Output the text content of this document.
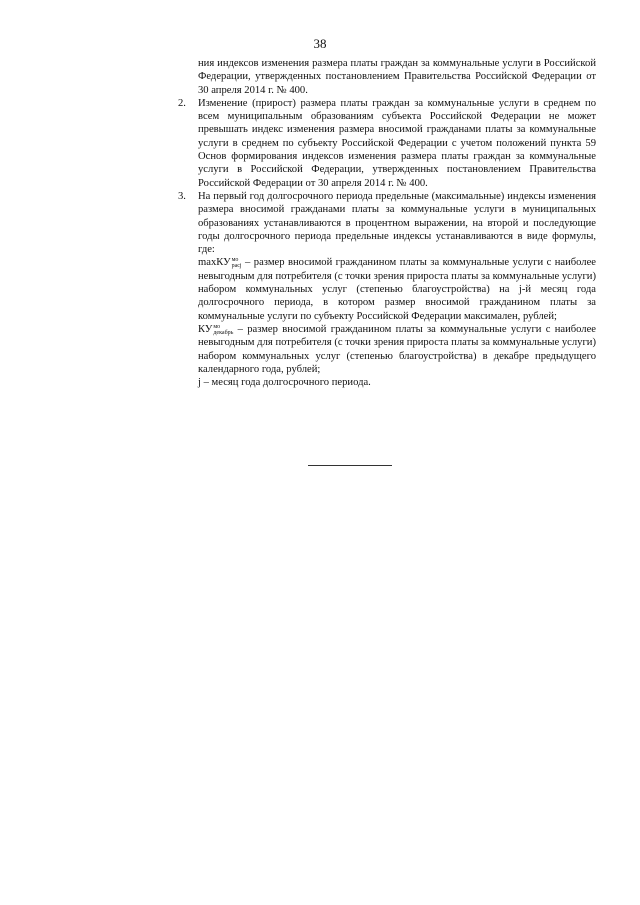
38

ния индексов изменения размера платы граждан за коммунальные услуги в Российской Федерации, утвержденных постановлением Правительства Российской Федерации от 30 апреля 2014 г. № 400.

2. Изменение (прирост) размера платы граждан за коммунальные услуги в среднем по всем муниципальным образованиям субъекта Российской Федерации не может превышать индекс изменения размера вносимой гражданами платы за коммунальные услуги в среднем по субъекту Российской Федерации с учетом положений пункта 59 Основ формирования индексов изменения размера платы граждан за коммунальные услуги в Российской Федерации, утвержденных постановлением Правительства Российской Федерации от 30 апреля 2014 г. № 400.

3. На первый год долгосрочного периода предельные (максимальные) индексы изменения размера вносимой гражданами платы за коммунальные услуги в муниципальных образованиях устанавливаются в процентном выражении, на второй и последующие годы долгосрочного периода предельные индексы устанавливаются в виде формулы, где:

maxКУ мо
расj – размер вносимой гражданином платы за коммунальные услуги с наиболее невыгодным для потребителя (с точки зрения прироста платы за коммунальные услуги) набором коммунальных услуг (степенью благоустройства) на j-й месяц года долгосрочного периода, в котором размер вносимой гражданином платы за коммунальные услуги по субъекту Российской Федерации максимален, рублей;

КУ мо
декабрь – размер вносимой гражданином платы за коммунальные услуги с наиболее невыгодным для потребителя (с точки зрения прироста платы за коммунальные услуги) набором коммунальных услуг (степенью благоустройства) в декабре предыдущего календарного года, рублей;

j – месяц года долгосрочного периода.
